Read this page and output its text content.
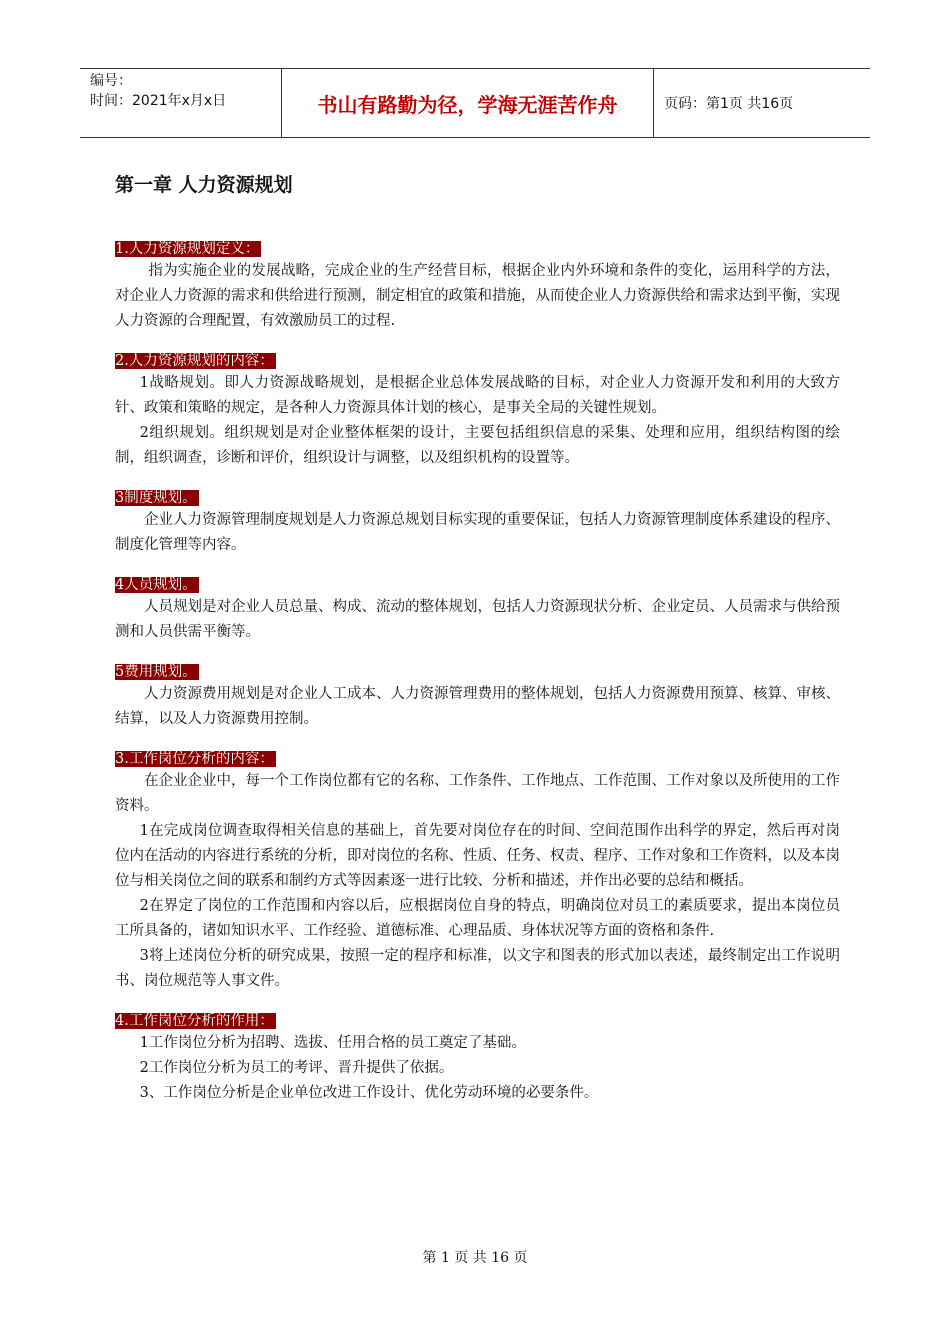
编号：
时间：2021年x月x日	书山有路勤为径，学海无涯苦作舟	页码：第1页 共16页
第一章 人力资源规划

1.人力资源规划定义：

指为实施企业的发展战略，完成企业的生产经营目标，根据企业内外环境和条件的变化，运用科学的方法，对企业人力资源的需求和供给进行预测，制定相宜的政策和措施，从而使企业人力资源供给和需求达到平衡，实现人力资源的合理配置，有效激励员工的过程.

2.人力资源规划的内容：

1战略规划。即人力资源战略规划，是根据企业总体发展战略的目标，对企业人力资源开发和利用的大致方针、政策和策略的规定，是各种人力资源具体计划的核心，是事关全局的关键性规划。

2组织规划。组织规划是对企业整体框架的设计，主要包括组织信息的采集、处理和应用，组织结构图的绘制，组织调查，诊断和评价，组织设计与调整，以及组织机构的设置等。

3制度规划。

企业人力资源管理制度规划是人力资源总规划目标实现的重要保证，包括人力资源管理制度体系建设的程序、制度化管理等内容。

4人员规划。

人员规划是对企业人员总量、构成、流动的整体规划，包括人力资源现状分析、企业定员、人员需求与供给预测和人员供需平衡等。

5费用规划。

人力资源费用规划是对企业人工成本、人力资源管理费用的整体规划，包括人力资源费用预算、核算、审核、结算，以及人力资源费用控制。

3.工作岗位分析的内容：

在企业企业中，每一个工作岗位都有它的名称、工作条件、工作地点、工作范围、工作对象以及所使用的工作资料。

1在完成岗位调查取得相关信息的基础上，首先要对岗位存在的时间、空间范围作出科学的界定，然后再对岗位内在活动的内容进行系统的分析，即对岗位的名称、性质、任务、权责、程序、工作对象和工作资料，以及本岗位与相关岗位之间的联系和制约方式等因素逐一进行比较、分析和描述，并作出必要的总结和概括。

2在界定了岗位的工作范围和内容以后，应根据岗位自身的特点，明确岗位对员工的素质要求，提出本岗位员工所具备的，诸如知识水平、工作经验、道德标准、心理品质、身体状况等方面的资格和条件.

3将上述岗位分析的研究成果，按照一定的程序和标准，以文字和图表的形式加以表述，最终制定出工作说明书、岗位规范等人事文件。

4.工作岗位分析的作用：

1工作岗位分析为招聘、选拔、任用合格的员工奠定了基础。

2工作岗位分析为员工的考评、晋升提供了依据。

3、工作岗位分析是企业单位改进工作设计、优化劳动环境的必要条件。

第 1 页 共 16 页
